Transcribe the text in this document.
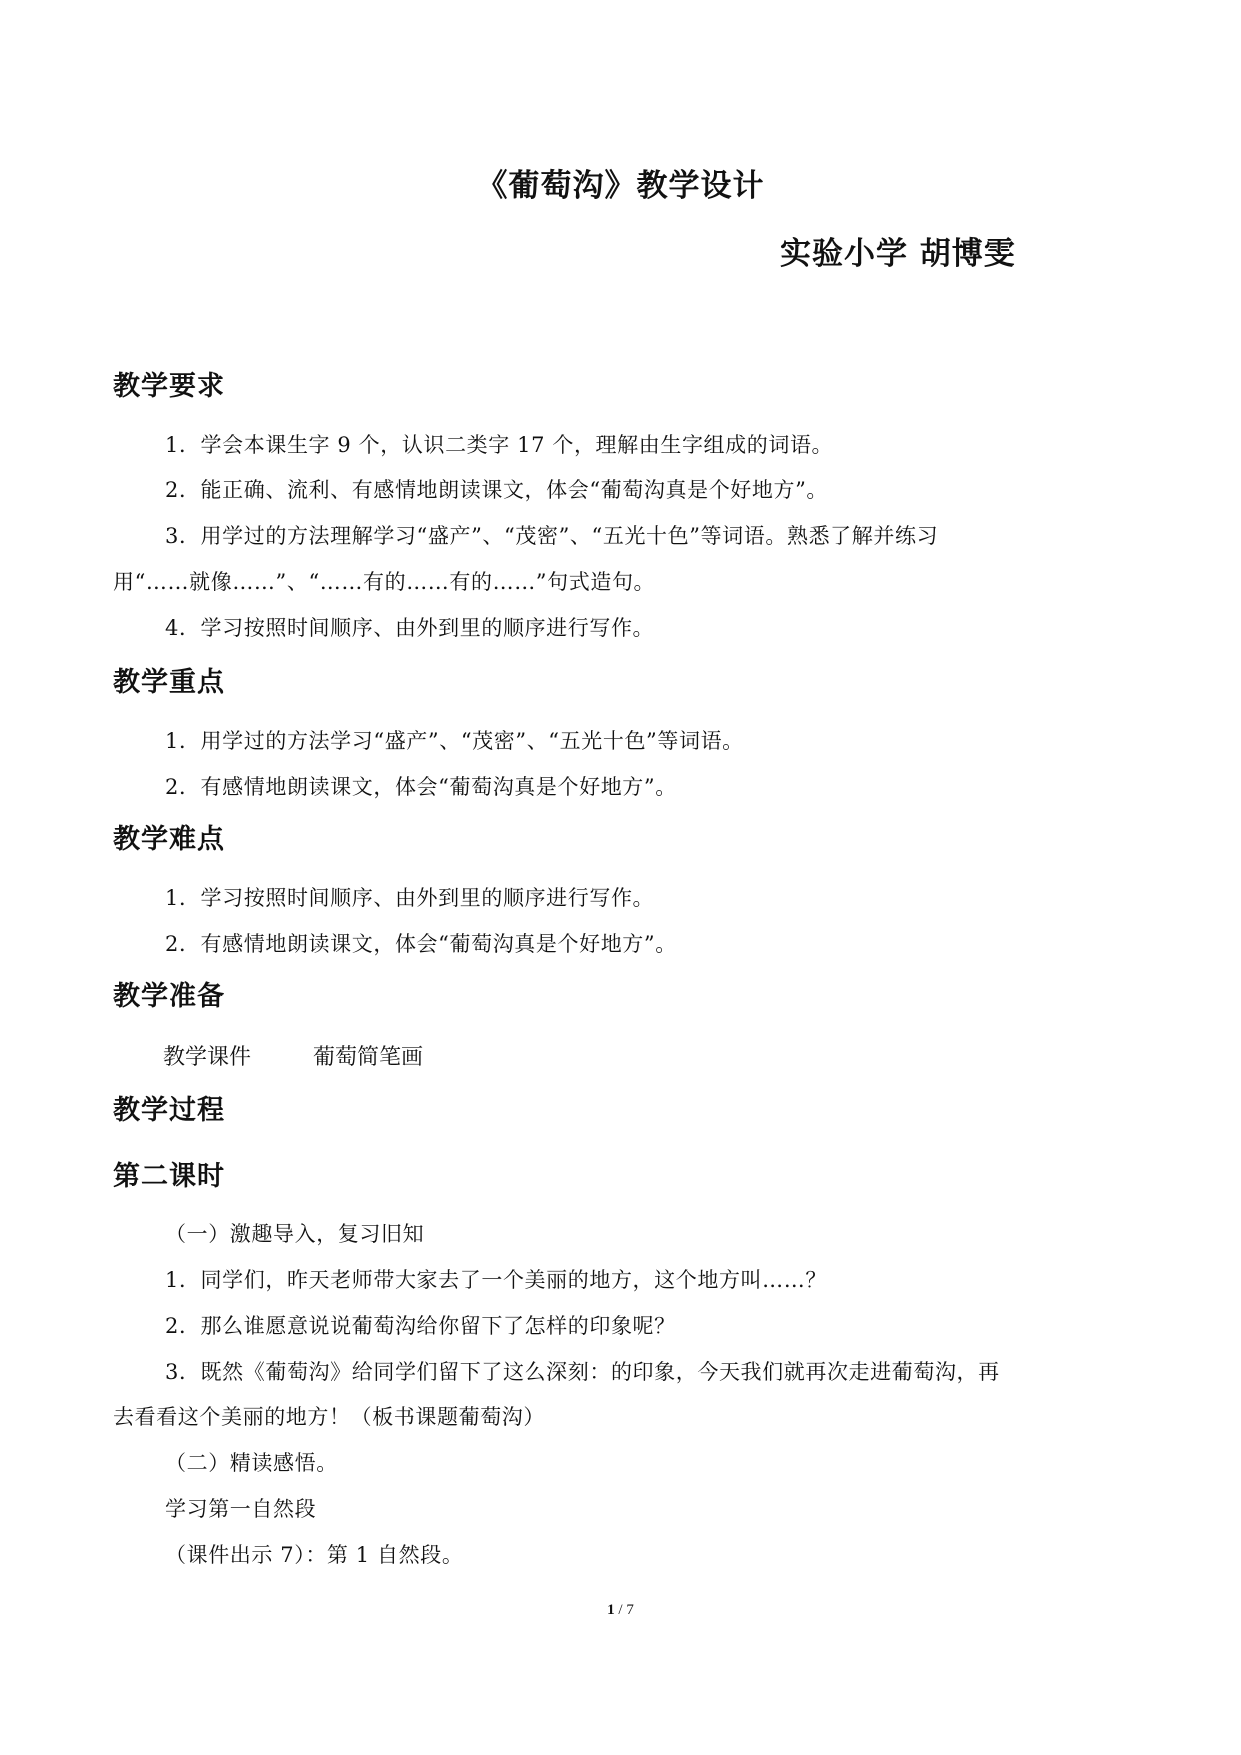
《葡萄沟》教学设计
实验小学 胡博雯
教学要求
1．学会本课生字 9 个，认识二类字 17 个，理解由生字组成的词语。
2．能正确、流利、有感情地朗读课文，体会“葡萄沟真是个好地方”。
3．用学过的方法理解学习“盛产”、“茂密”、“五光十色”等词语。熟悉了解并练习
用“……就像……”、“……有的……有的……”句式造句。
4．学习按照时间顺序、由外到里的顺序进行写作。
教学重点
1．用学过的方法学习“盛产”、“茂密”、“五光十色”等词语。
2．有感情地朗读课文，体会“葡萄沟真是个好地方”。
教学难点
1．学习按照时间顺序、由外到里的顺序进行写作。
2．有感情地朗读课文，体会“葡萄沟真是个好地方”。
教学准备
教学课件	葡萄简笔画
教学过程
第二课时
（一）激趣导入，复习旧知
1．同学们，昨天老师带大家去了一个美丽的地方，这个地方叫……？
2．那么谁愿意说说葡萄沟给你留下了怎样的印象呢？
3．既然《葡萄沟》给同学们留下了这么深刻：的印象，今天我们就再次走进葡萄沟，再
去看看这个美丽的地方！（板书课题葡萄沟）
（二）精读感悟。
学习第一自然段
（课件出示 7）：第 1 自然段。
1 / 7
